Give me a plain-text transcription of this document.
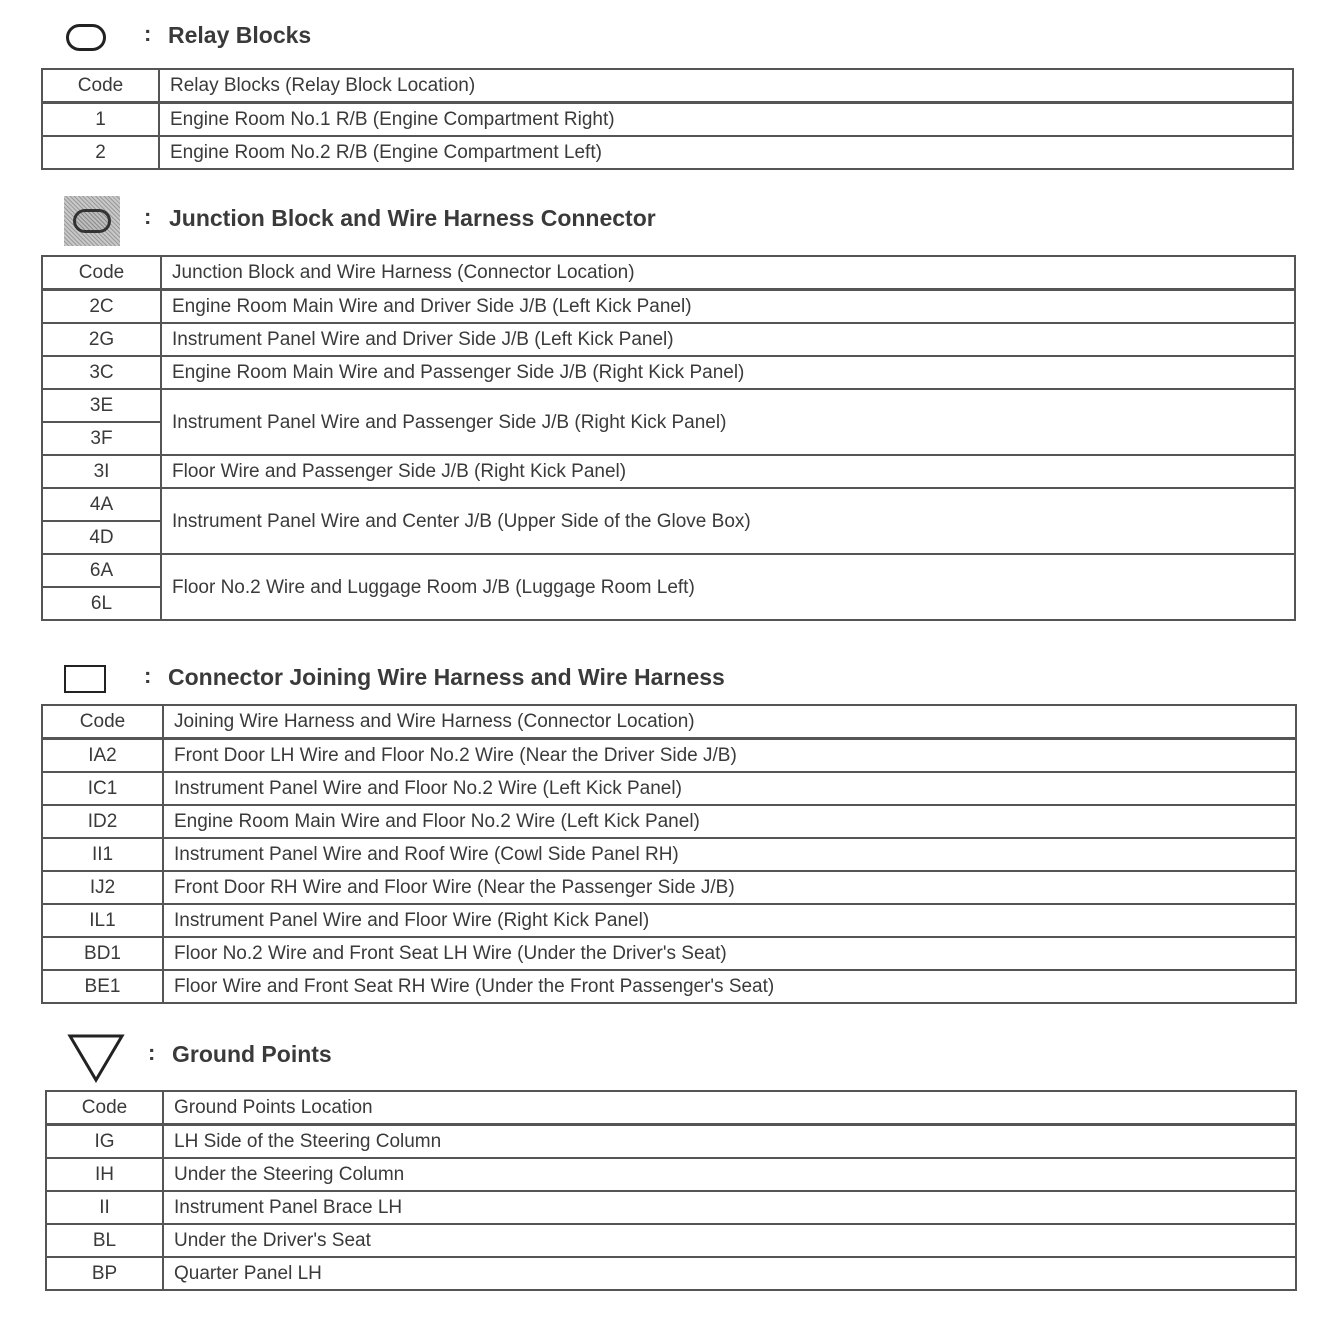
: Relay Blocks
Code	Relay Blocks (Relay Block Location)
1	Engine Room No.1 R/B (Engine Compartment Right)
2	Engine Room No.2 R/B (Engine Compartment Left)
: Junction Block and Wire Harness Connector
Code	Junction Block and Wire Harness (Connector Location)
2C	Engine Room Main Wire and Driver Side J/B (Left Kick Panel)
2G	Instrument Panel Wire and Driver Side J/B (Left Kick Panel)
3C	Engine Room Main Wire and Passenger Side J/B (Right Kick Panel)
3E	Instrument Panel Wire and Passenger Side J/B (Right Kick Panel)
3F	
3I	Floor Wire and Passenger Side J/B (Right Kick Panel)
4A	Instrument Panel Wire and Center J/B (Upper Side of the Glove Box)
4D	
6A	Floor No.2 Wire and Luggage Room J/B (Luggage Room Left)
6L	
: Connector Joining Wire Harness and Wire Harness
Code	Joining Wire Harness and Wire Harness (Connector Location)
IA2	Front Door LH Wire and Floor No.2 Wire (Near the Driver Side J/B)
IC1	Instrument Panel Wire and Floor No.2 Wire (Left Kick Panel)
ID2	Engine Room Main Wire and Floor No.2 Wire (Left Kick Panel)
II1	Instrument Panel Wire and Roof Wire (Cowl Side Panel RH)
IJ2	Front Door RH Wire and Floor Wire (Near the Passenger Side J/B)
IL1	Instrument Panel Wire and Floor Wire (Right Kick Panel)
BD1	Floor No.2 Wire and Front Seat LH Wire (Under the Driver's Seat)
BE1	Floor Wire and Front Seat RH Wire (Under the Front Passenger's Seat)
: Ground Points
Code	Ground Points Location
IG	LH Side of the Steering Column
IH	Under the Steering Column
II	Instrument Panel Brace LH
BL	Under the Driver's Seat
BP	Quarter Panel LH
